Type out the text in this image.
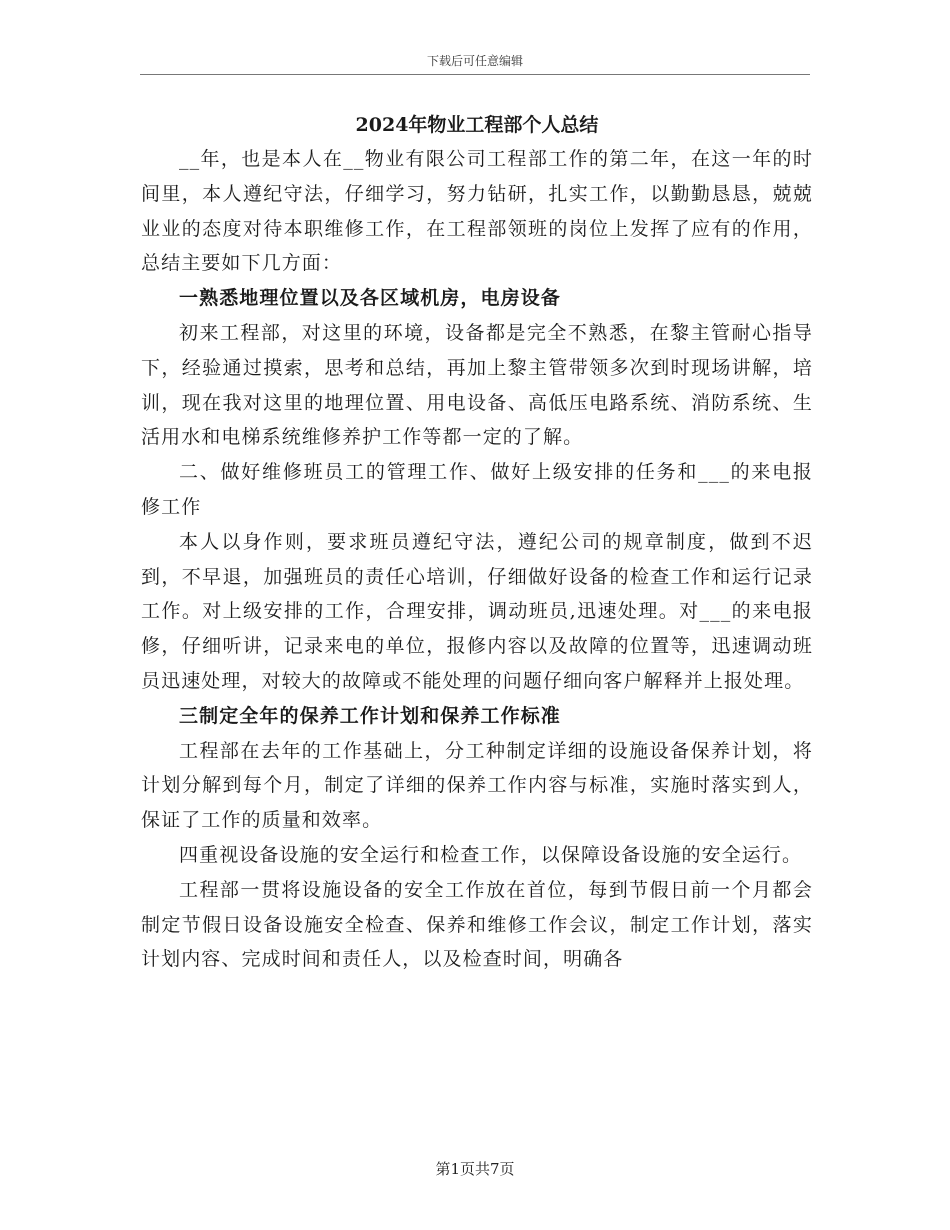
下载后可任意编辑
2024年物业工程部个人总结

__年，也是本人在__物业有限公司工程部工作的第二年，在这一年的时间里，本人遵纪守法，仔细学习，努力钻研，扎实工作，以勤勤恳恳，兢兢业业的态度对待本职维修工作，在工程部领班的岗位上发挥了应有的作用，总结主要如下几方面：

一熟悉地理位置以及各区域机房，电房设备

初来工程部，对这里的环境，设备都是完全不熟悉，在黎主管耐心指导下，经验通过摸索，思考和总结，再加上黎主管带领多次到时现场讲解，培训，现在我对这里的地理位置、用电设备、高低压电路系统、消防系统、生活用水和电梯系统维修养护工作等都一定的了解。

二、做好维修班员工的管理工作、做好上级安排的任务和___的来电报修工作

本人以身作则，要求班员遵纪守法，遵纪公司的规章制度，做到不迟到，不早退，加强班员的责任心培训，仔细做好设备的检查工作和运行记录工作。对上级安排的工作，合理安排，调动班员,迅速处理。对___的来电报修，仔细听讲，记录来电的单位，报修内容以及故障的位置等，迅速调动班员迅速处理，对较大的故障或不能处理的问题仔细向客户解释并上报处理。

三制定全年的保养工作计划和保养工作标准

工程部在去年的工作基础上，分工种制定详细的设施设备保养计划，将计划分解到每个月，制定了详细的保养工作内容与标准，实施时落实到人，保证了工作的质量和效率。

四重视设备设施的安全运行和检查工作，以保障设备设施的安全运行。

工程部一贯将设施设备的安全工作放在首位，每到节假日前一个月都会制定节假日设备设施安全检查、保养和维修工作会议，制定工作计划，落实计划内容、完成时间和责任人，以及检查时间，明确各

第1页共7页
